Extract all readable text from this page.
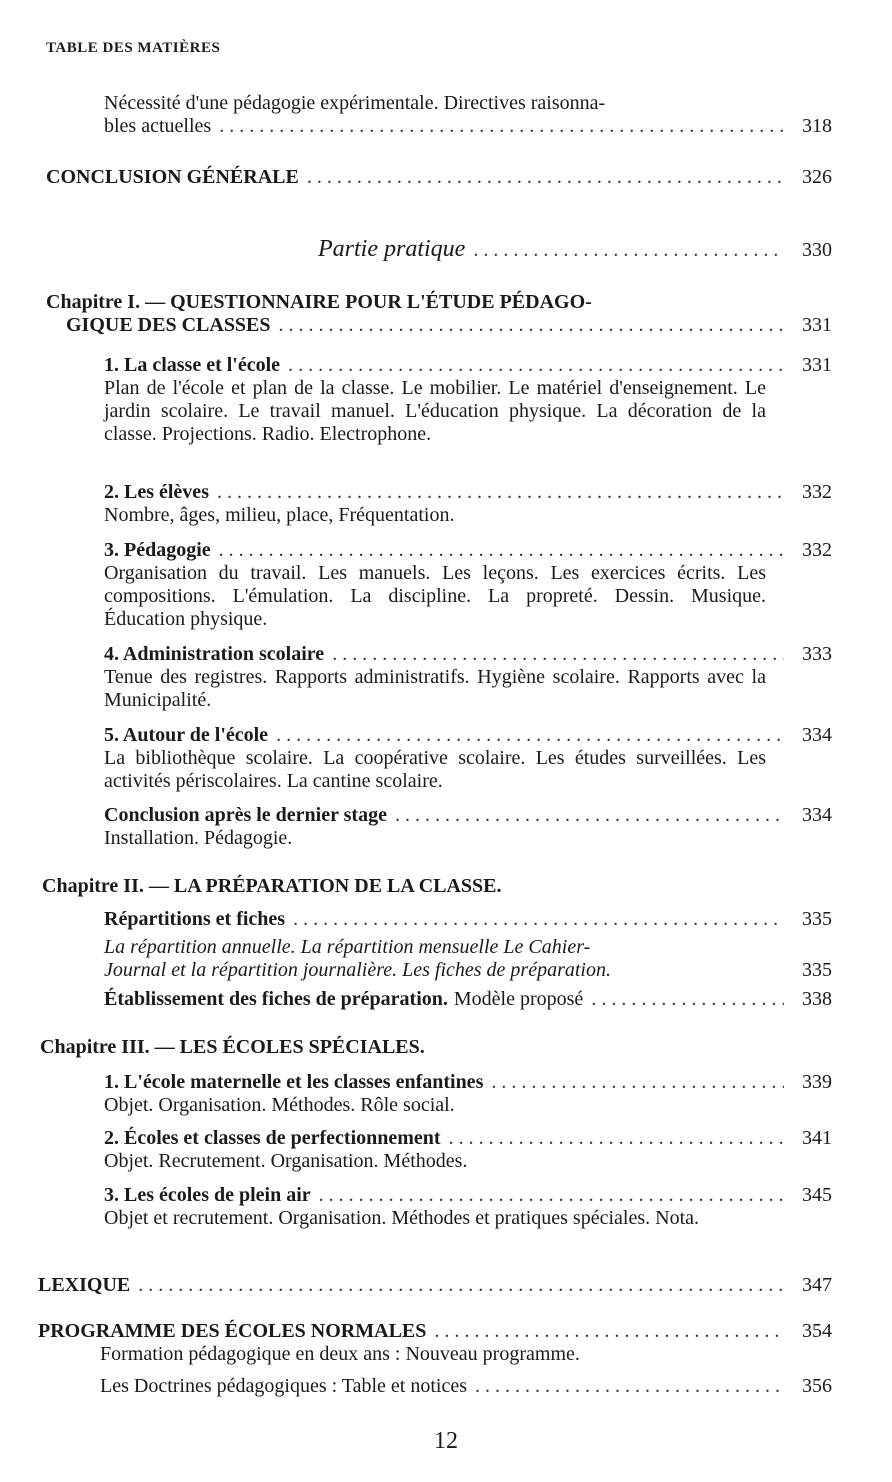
TABLE DES MATIÈRES
Nécessité d'une pédagogie expérimentale. Directives raisonna-
bles actuelles . . .	318
CONCLUSION GÉNÉRALE . . .	326
Partie pratique . . .	330
Chapitre I. — QUESTIONNAIRE POUR L'ÉTUDE PÉDAGO-
GIQUE DES CLASSES . . .	331
1. La classe et l'école . . .	331
Plan de l'école et plan de la classe. Le mobilier. Le matériel d'enseignement. Le jardin scolaire. Le travail manuel. L'éducation physique. La décoration de la classe. Projections. Radio. Electrophone.
2. Les élèves . . .	332
Nombre, âges, milieu, place, Fréquentation.
3. Pédagogie . . .	332
Organisation du travail. Les manuels. Les leçons. Les exercices écrits. Les compositions. L'émulation. La discipline. La propreté. Dessin. Musique. Éducation physique.
4. Administration scolaire . . .	333
Tenue des registres. Rapports administratifs. Hygiène scolaire. Rapports avec la Municipalité.
5. Autour de l'école . . .	334
La bibliothèque scolaire. La coopérative scolaire. Les études surveillées. Les activités périscolaires. La cantine scolaire.
Conclusion après le dernier stage . . .	334
Installation. Pédagogie.
Chapitre II. — LA PRÉPARATION DE LA CLASSE.
Répartitions et fiches . . .	335
La répartition annuelle. La répartition mensuelle Le Cahier-
Journal et la répartition journalière. Les fiches de préparation.	335
Établissement des fiches de préparation. Modèle proposé . . .	338
Chapitre III. — LES ÉCOLES SPÉCIALES.
1. L'école maternelle et les classes enfantines . . .	339
Objet. Organisation. Méthodes. Rôle social.
2. Écoles et classes de perfectionnement . . .	341
Objet. Recrutement. Organisation. Méthodes.
3. Les écoles de plein air . . .	345
Objet et recrutement. Organisation. Méthodes et pratiques spéciales. Nota.
LEXIQUE . . .	347
PROGRAMME DES ÉCOLES NORMALES . . .	354
Formation pédagogique en deux ans : Nouveau programme.
Les Doctrines pédagogiques : Table et notices . . .	356
12
